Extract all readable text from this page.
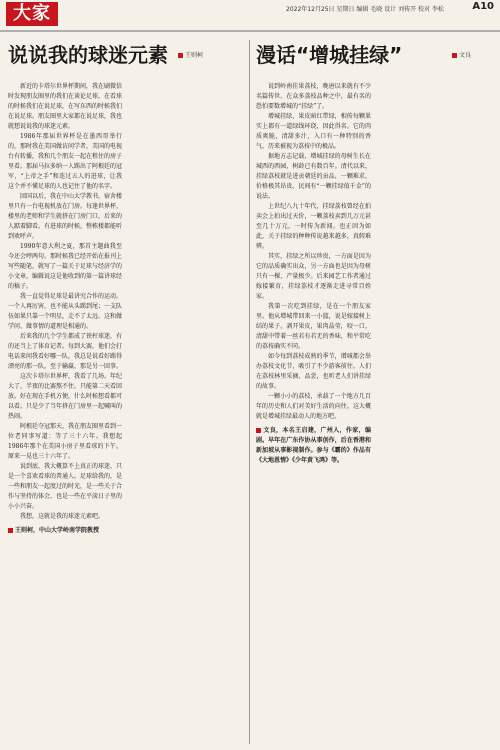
大家	2022年12月25日 星期日 编辑 毛晓 设计 刘传开 校对 李松	A10
说说我的球迷元素

新近的卡塔尔世界杯期间，我在刷微信时发现朋友圈里的我们在谈论足球，在看球的时候我们在说足球，在写东西的时候我们在说足球。朋友圈里大家都在说足球，我也就想说说我的球迷元素。

1986年那届世界杯是在墨西哥举行的，那时我在美国做访问学者，美国的电视台有转播，我和几个朋友一起在租住的房子里看。那届马拉多纳一人踢出了阿根廷的冠军，“上帝之手”和连过五人的进球，让我这个并不懂足球的人也记住了他的名字。

回国以后，我在中山大学教书，宿舍楼里只有一台电视机放在门房。每逢世界杯，楼里的老师和学生就挤在门房门口，后来的人踮着脚看。有进球的时候，整栋楼都能听到欢呼声。

1990年意大利之夏，那首主题曲我至今还会哼两句。那时候我已经开始在报刊上写些随笔，就写了一篇关于足球与经济学的小文章，编辑说这是他收到的第一篇讲球经的稿子。

我一直觉得足球是最讲究合作的运动。一个人再厉害，也不能从头踢到尾；一支队伍如果只靠一个明星，走不了太远。这和做学问、做事情的道理是相通的。

后来我的几个学生都成了铁杆球迷，有的还当上了体育记者。每到大赛，他们会打电话来问我看好哪一队，我总是说看好踢得漂亮的那一队，至于输赢，那是另一回事。

这次卡塔尔世界杯，我看了几场。年纪大了，半夜的比赛熬不住，只能第二天看回放。好在现在手机方便，什么时候想看都可以看。只是少了当年挤在门房里一起喊叫的热闹。

阿根廷夺冠那天，我在朋友圈里看到一位老同事写道：等了三十六年。我想起1986年那个在美国小房子里看球的下午，原来一晃也三十六年了。

说到底，我大概算不上真正的球迷，只是一个喜欢看球的普通人。足球给我的，是一些和朋友一起度过的时光，是一些关于合作与坚持的体会，也是一些在平淡日子里的小小兴奋。

我想，这就是我的球迷元素吧。

王则柯，中山大学岭南学院教授
王则柯	漫话“增城挂绿”

说到岭南佳果荔枝，晚唐以来就有不少名篇传世。在众多荔枝品种之中，最有名的恐怕要数增城的“挂绿”了。

增城挂绿，果皮暗红带绿，相传每颗果实上都有一道绿线环绕，因此得名。它的肉质爽脆，清甜多汁，入口有一种特别的香气，历来被视为荔枝中的极品。

据地方志记载，增城挂绿的母树生长在城西的西园，树龄已有数百年。清代以来，挂绿荔枝就是进贡朝廷的贡品，一颗难求，价格极其昂贵。民间有“一颗挂绿值千金”的说法。

上世纪八九十年代，挂绿荔枝曾经在拍卖会上拍出过天价，一颗荔枝卖到几万元甚至几十万元，一时传为新闻。也正因为如此，关于挂绿的种种传说越来越多，真假难辨。

其实，挂绿之所以珍贵，一方面是因为它的品质确实出众，另一方面也是因为母树只有一棵，产量极少。后来园艺工作者通过嫁接繁育，挂绿荔枝才逐渐走进寻常百姓家。

我第一次吃到挂绿，是在一个朋友家里。他从增城带回来一小篮，说是嫁接树上结的果子。剥开果皮，果肉晶莹，咬一口，清甜中带着一丝若有若无的香味，和平常吃的荔枝确实不同。

如今每到荔枝成熟的季节，增城都会举办荔枝文化节，吸引了不少游客前往。人们在荔枝林里采摘、品尝，也听老人们讲挂绿的故事。

一颗小小的荔枝，承载了一个地方几百年的历史和人们对美好生活的向往。这大概就是增城挂绿最动人的地方吧。

文良，本名王启建，广州人，作家，编剧。早年在广东作协从事创作，后在香港和新加坡从事影视制作。参与《霸的》作品有《大地恩情》《少年黄飞鸿》等。
文良
